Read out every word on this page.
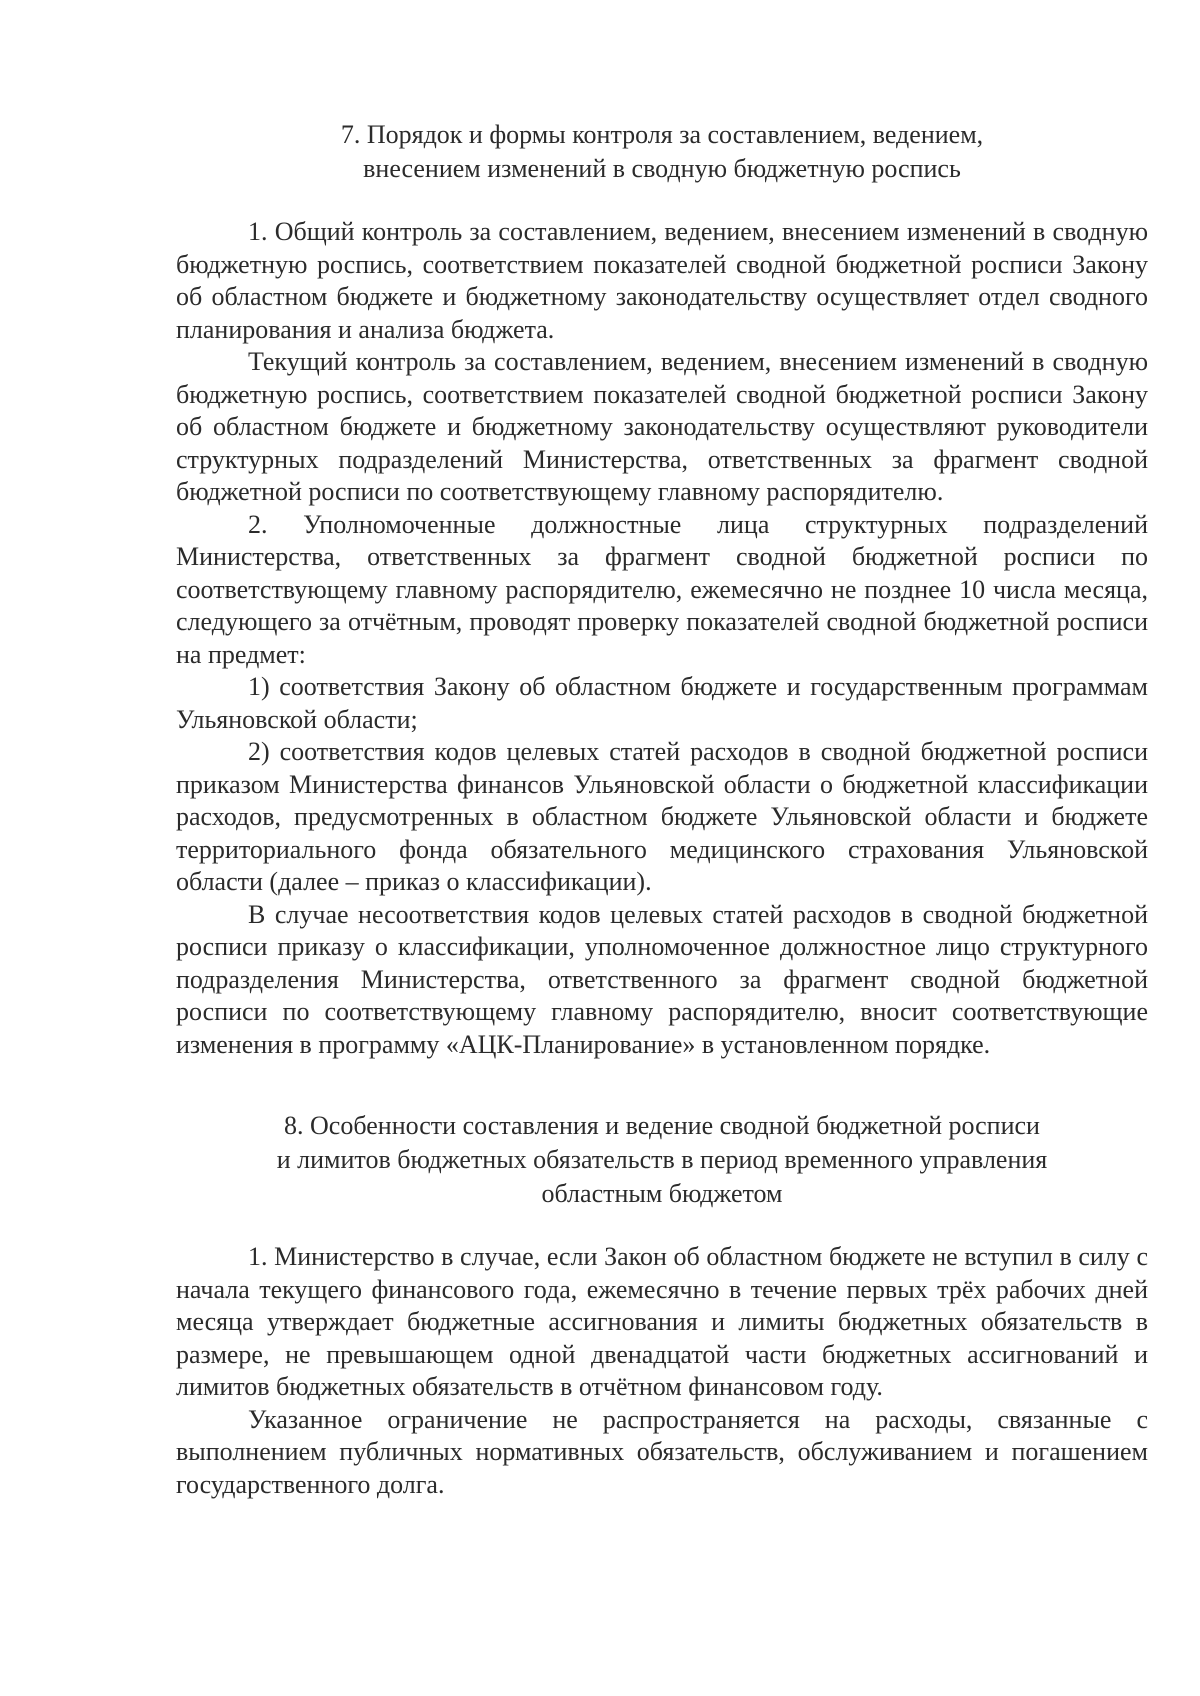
7. Порядок и формы контроля за составлением, ведением,
внесением изменений в сводную бюджетную роспись

1. Общий контроль за составлением, ведением, внесением изменений в сводную бюджетную роспись, соответствием показателей сводной бюджетной росписи Закону об областном бюджете и бюджетному законодательству осуществляет отдел сводного планирования и анализа бюджета.

Текущий контроль за составлением, ведением, внесением изменений в сводную бюджетную роспись, соответствием показателей сводной бюджетной росписи Закону об областном бюджете и бюджетному законодательству осуществляют руководители структурных подразделений Министерства, ответственных за фрагмент сводной бюджетной росписи по соответствующему главному распорядителю.

2. Уполномоченные должностные лица структурных подразделений Министерства, ответственных за фрагмент сводной бюджетной росписи по соответствующему главному распорядителю, ежемесячно не позднее 10 числа месяца, следующего за отчётным, проводят проверку показателей сводной бюджетной росписи на предмет:

1) соответствия Закону об областном бюджете и государственным программам Ульяновской области;

2) соответствия кодов целевых статей расходов в сводной бюджетной росписи приказом Министерства финансов Ульяновской области о бюджетной классификации расходов, предусмотренных в областном бюджете Ульяновской области и бюджете территориального фонда обязательного медицинского страхования Ульяновской области (далее – приказ о классификации).

В случае несоответствия кодов целевых статей расходов в сводной бюджетной росписи приказу о классификации, уполномоченное должностное лицо структурного подразделения Министерства, ответственного за фрагмент сводной бюджетной росписи по соответствующему главному распорядителю, вносит соответствующие изменения в программу «АЦК-Планирование» в установленном порядке.

8. Особенности составления и ведение сводной бюджетной росписи
и лимитов бюджетных обязательств в период временного управления
областным бюджетом

1. Министерство в случае, если Закон об областном бюджете не вступил в силу с начала текущего финансового года, ежемесячно в течение первых трёх рабочих дней месяца утверждает бюджетные ассигнования и лимиты бюджетных обязательств в размере, не превышающем одной двенадцатой части бюджетных ассигнований и лимитов бюджетных обязательств в отчётном финансовом году.

Указанное ограничение не распространяется на расходы, связанные с выполнением публичных нормативных обязательств, обслуживанием и погашением государственного долга.
